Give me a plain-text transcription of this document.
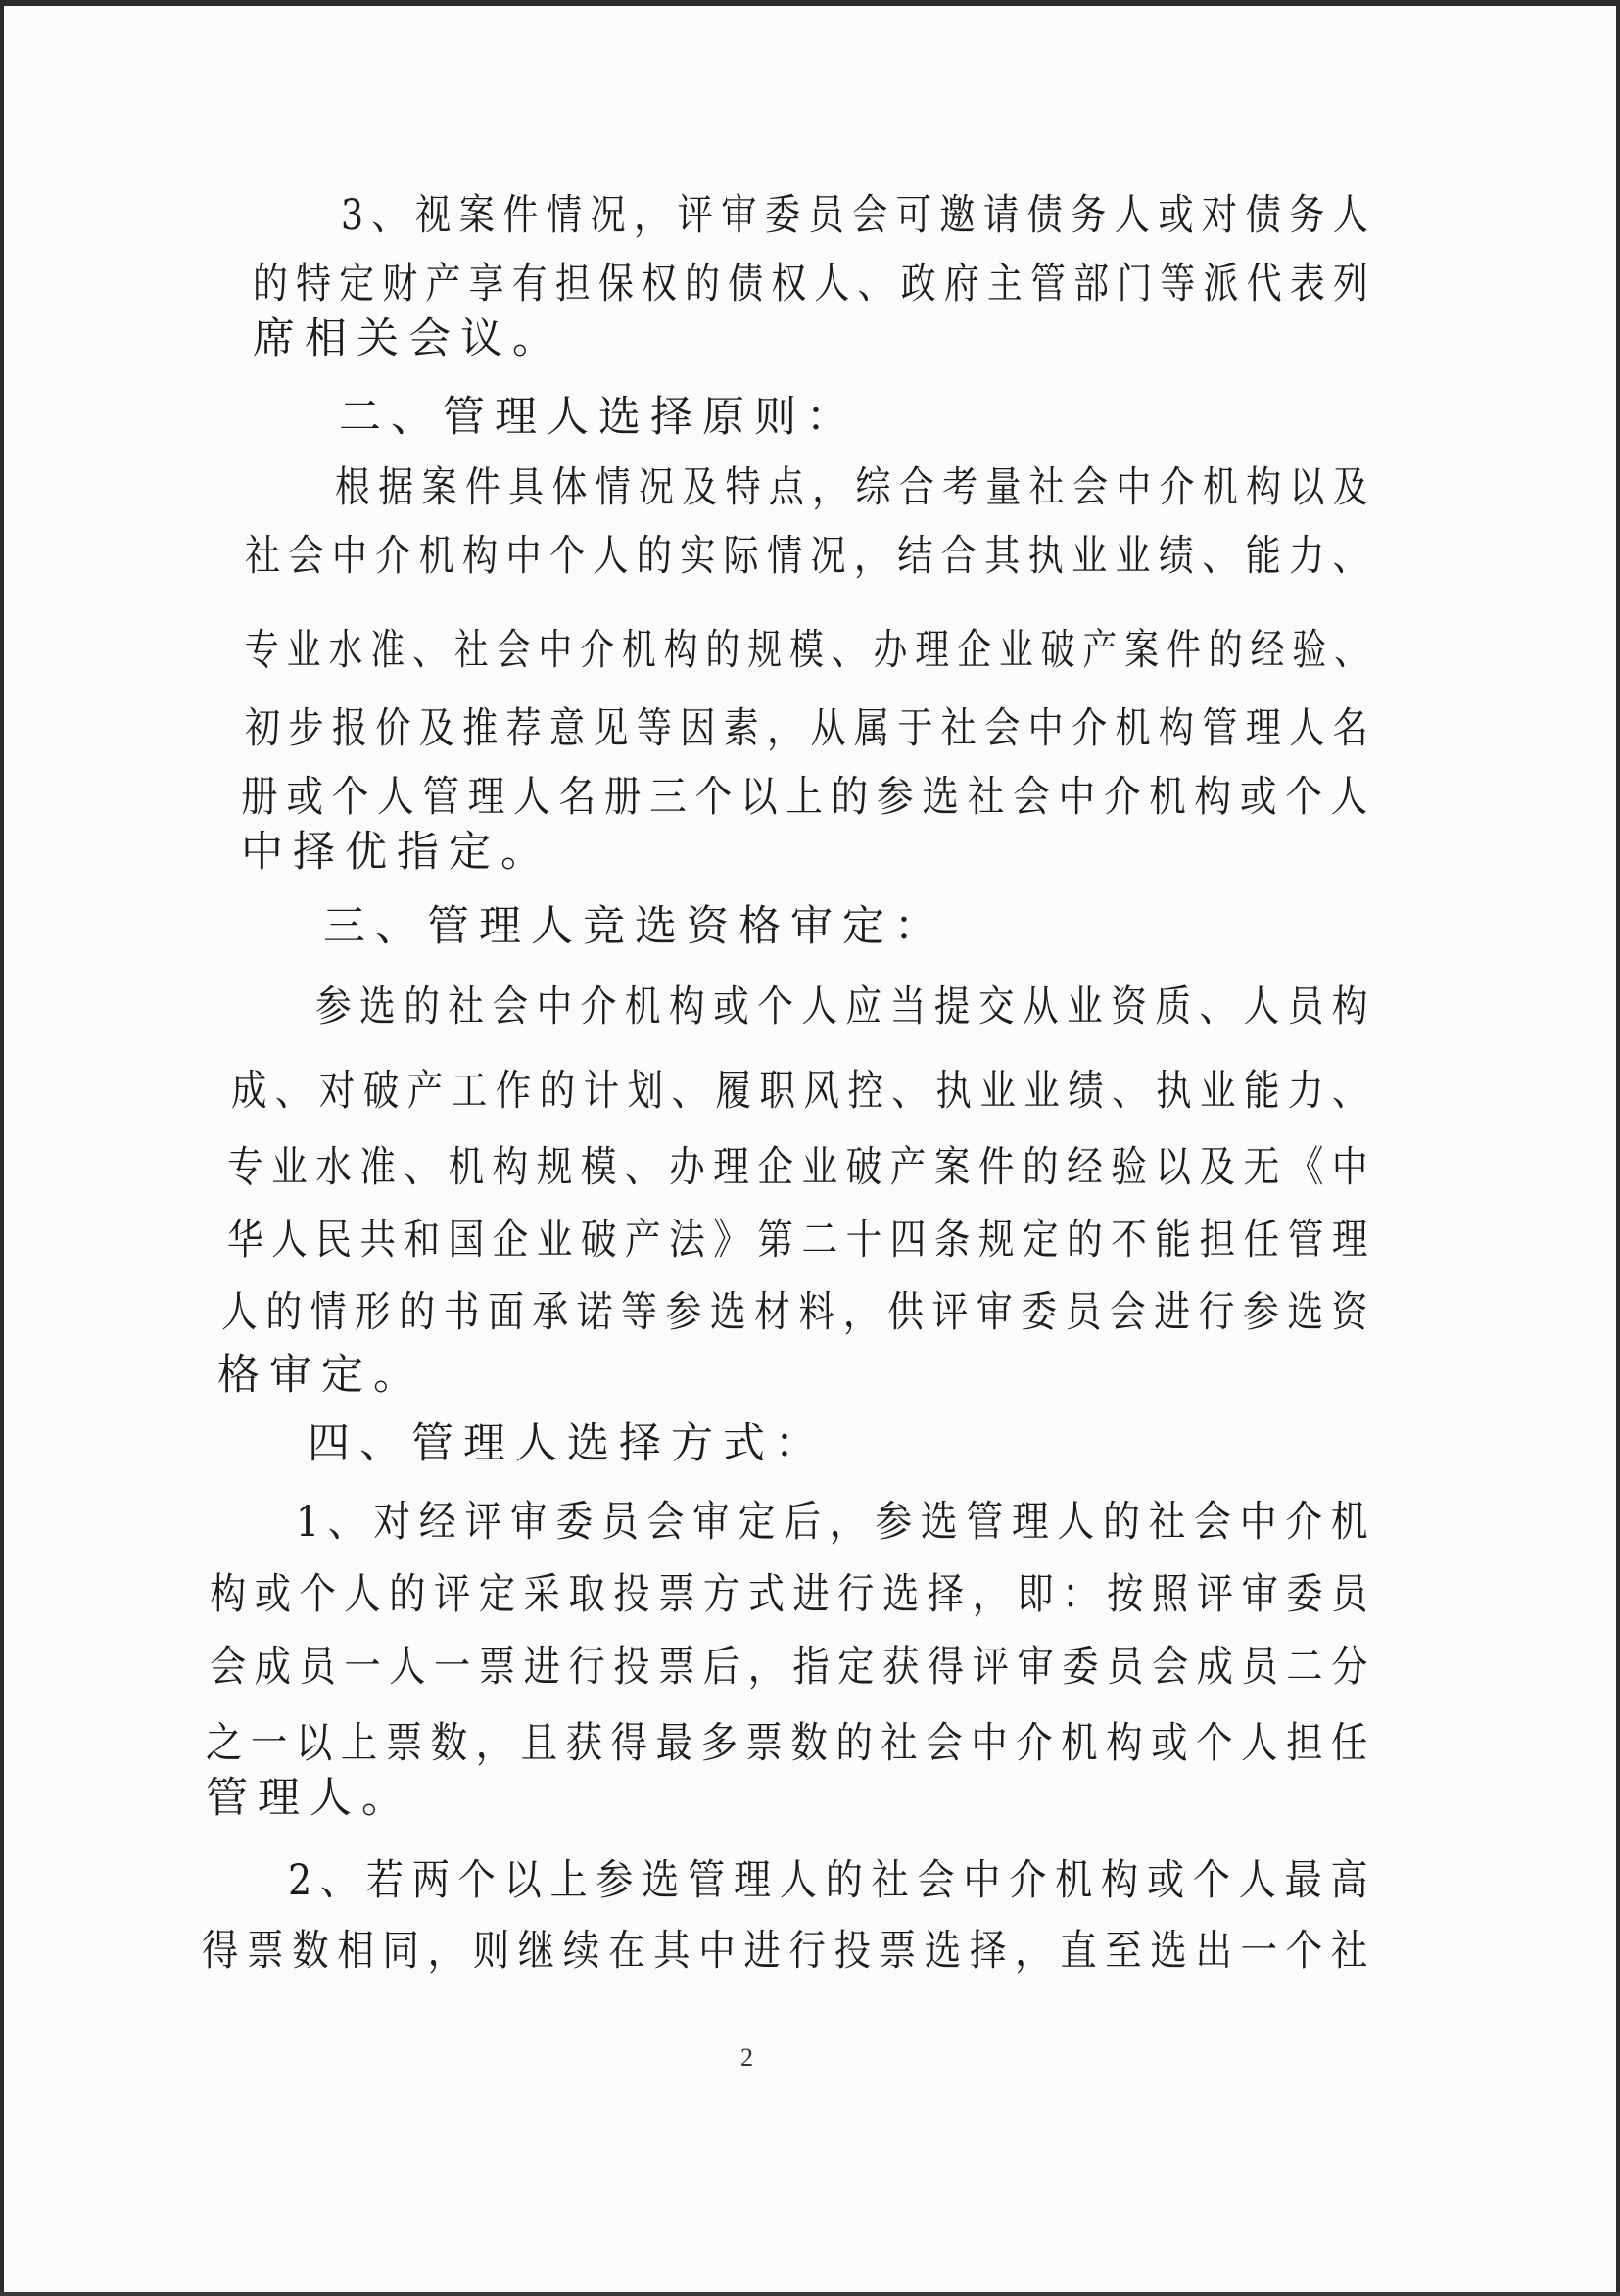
3、视案件情况，评审委员会可邀请债务人或对债务人
的特定财产享有担保权的债权人、政府主管部门等派代表列
席相关会议。
二、管理人选择原则：
根据案件具体情况及特点，综合考量社会中介机构以及
社会中介机构中个人的实际情况，结合其执业业绩、能力、
专业水准、社会中介机构的规模、办理企业破产案件的经验、
初步报价及推荐意见等因素，从属于社会中介机构管理人名
册或个人管理人名册三个以上的参选社会中介机构或个人
中择优指定。
三、管理人竞选资格审定：
参选的社会中介机构或个人应当提交从业资质、人员构
成、对破产工作的计划、履职风控、执业业绩、执业能力、
专业水准、机构规模、办理企业破产案件的经验以及无《中
华人民共和国企业破产法》第二十四条规定的不能担任管理
人的情形的书面承诺等参选材料，供评审委员会进行参选资
格审定。
四、管理人选择方式：
1、对经评审委员会审定后，参选管理人的社会中介机
构或个人的评定采取投票方式进行选择，即：按照评审委员
会成员一人一票进行投票后，指定获得评审委员会成员二分
之一以上票数，且获得最多票数的社会中介机构或个人担任
管理人。
2、若两个以上参选管理人的社会中介机构或个人最高
得票数相同，则继续在其中进行投票选择，直至选出一个社
2
